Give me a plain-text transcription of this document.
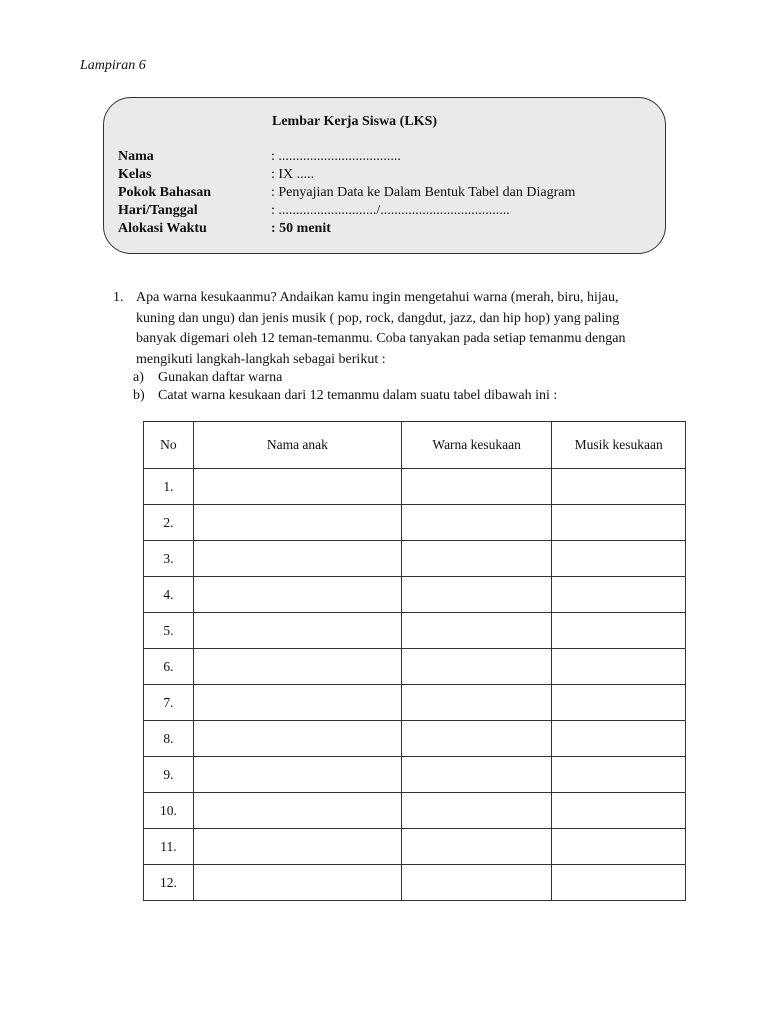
Lampiran 6
Lembar Kerja Siswa (LKS)
Nama	: ...................................
Kelas	: IX .....
Pokok Bahasan	: Penyajian Data ke Dalam Bentuk Tabel dan Diagram
Hari/Tanggal	: ............................/.....................................
Alokasi Waktu	: 50 menit
1. Apa warna kesukaanmu? Andaikan kamu ingin mengetahui warna (merah, biru, hijau,
kuning dan ungu) dan jenis musik ( pop, rock, dangdut, jazz, dan hip hop) yang paling
banyak digemari oleh 12 teman-temanmu. Coba tanyakan pada setiap temanmu dengan
mengikuti langkah-langkah sebagai berikut :
a) Gunakan daftar warna
b) Catat warna kesukaan dari 12 temanmu dalam suatu tabel dibawah ini :
No	Nama anak	Warna kesukaan	Musik kesukaan
1.			
2.			
3.			
4.			
5.			
6.			
7.			
8.			
9.			
10.			
11.			
12.			
